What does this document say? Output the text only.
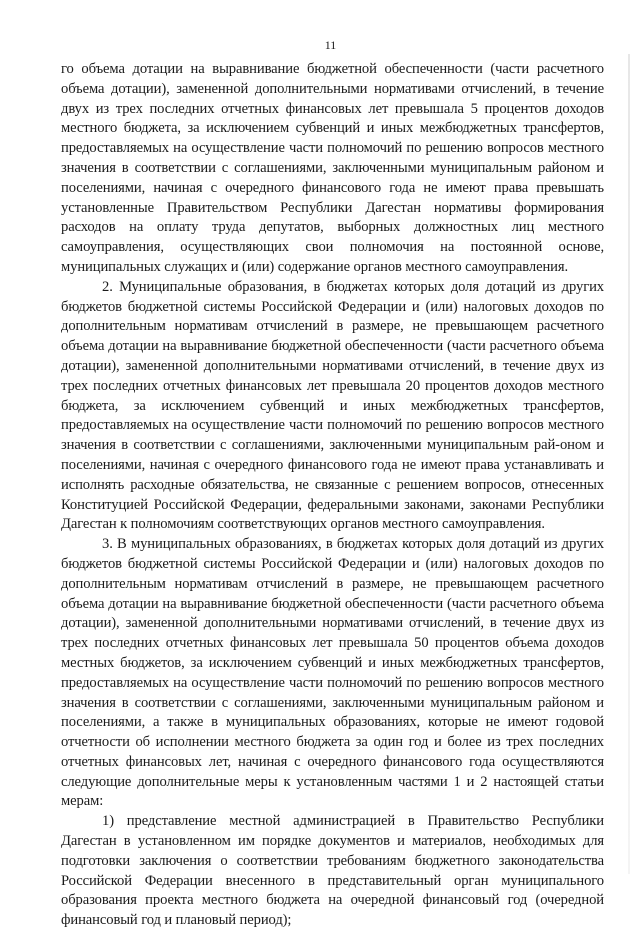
11

го объема дотации на выравнивание бюджетной обеспеченности (части расчетного объема дотации), замененной дополнительными нормативами отчислений, в течение двух из трех последних отчетных финансовых лет превышала 5 процентов доходов местного бюджета, за исключением субвенций и иных межбюджетных трансфертов, предоставляемых на осуществление части полномочий по решению вопросов местного значения в соответствии с соглашениями, заключенными муниципальным районом и поселениями, начиная с очередного финансового года не имеют права превышать установленные Правительством Республики Дагестан нормативы формирования расходов на оплату труда депутатов, выборных должностных лиц местного самоуправления, осуществляющих свои полномочия на постоянной основе, муниципальных служащих и (или) содержание органов местного самоуправления.

2. Муниципальные образования, в бюджетах которых доля дотаций из других бюджетов бюджетной системы Российской Федерации и (или) налоговых доходов по дополнительным нормативам отчислений в размере, не превышающем расчетного объема дотации на выравнивание бюджетной обеспеченности (части расчетного объема дотации), замененной дополнительными нормативами отчислений, в течение двух из трех последних отчетных финансовых лет превышала 20 процентов доходов местного бюджета, за исключением субвенций и иных межбюджетных трансфертов, предоставляемых на осуществление части полномочий по решению вопросов местного значения в соответствии с соглашениями, заключенными муниципальным рай-оном и поселениями, начиная с очередного финансового года не имеют права устанавливать и исполнять расходные обязательства, не связанные с решением вопросов, отнесенных Конституцией Российской Федерации, федеральными законами, законами Республики Дагестан к полномочиям соответствующих органов местного самоуправления.

3. В муниципальных образованиях, в бюджетах которых доля дотаций из других бюджетов бюджетной системы Российской Федерации и (или) налоговых доходов по дополнительным нормативам отчислений в размере, не превышающем расчетного объема дотации на выравнивание бюджетной обеспеченности (части расчетного объема дотации), замененной дополнительными нормативами отчислений, в течение двух из трех последних отчетных финансовых лет превышала 50 процентов объема доходов местных бюджетов, за исключением субвенций и иных межбюджетных трансфертов, предоставляемых на осуществление части полномочий по решению вопросов местного значения в соответствии с соглашениями, заключенными муниципальным районом и поселениями, а также в муниципальных образованиях, которые не имеют годовой отчетности об исполнении местного бюджета за один год и более из трех последних отчетных финансовых лет, начиная с очередного финансового года осуществляются следующие дополнительные меры к установленным частями 1 и 2 настоящей статьи мерам:

1) представление местной администрацией в Правительство Республики Дагестан в установленном им порядке документов и материалов, необходимых для подготовки заключения о соответствии требованиям бюджетного законодательства Российской Федерации внесенного в представительный орган муниципального образования проекта местного бюджета на очередной финансовый год (очередной финансовый год и плановый период);
